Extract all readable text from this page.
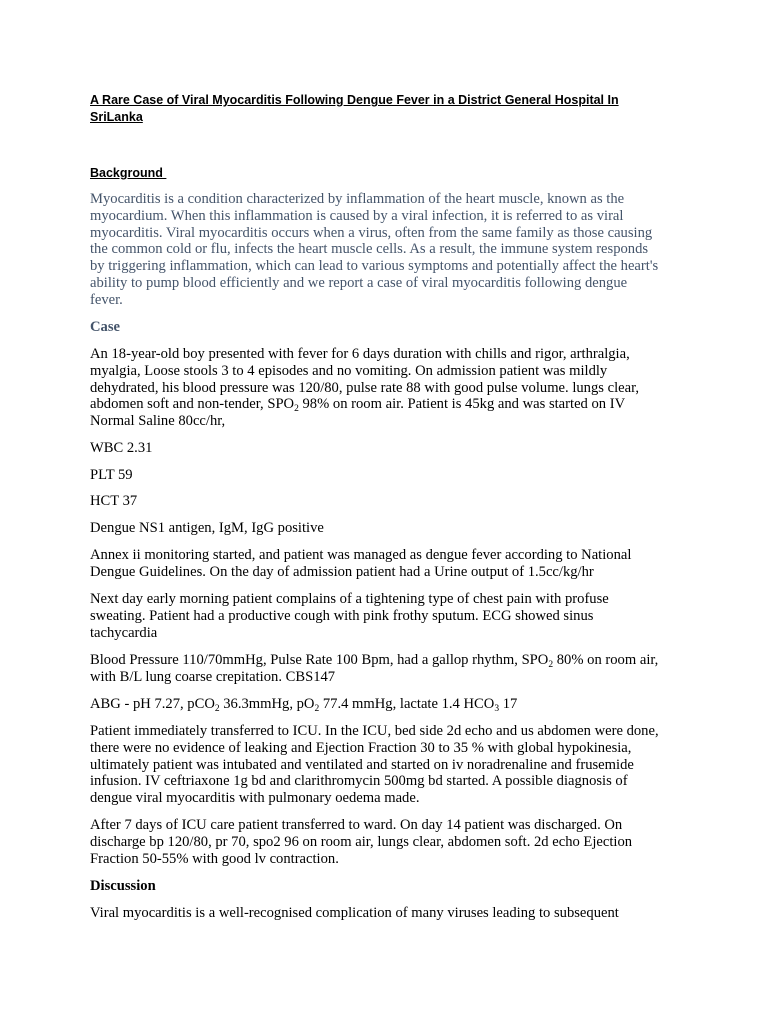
A Rare Case of Viral Myocarditis Following Dengue Fever in a District General Hospital In SriLanka

Background

Myocarditis is a condition characterized by inflammation of the heart muscle, known as the
myocardium. When this inflammation is caused by a viral infection, it is referred to as viral
myocarditis. Viral myocarditis occurs when a virus, often from the same family as those causing
the common cold or flu, infects the heart muscle cells. As a result, the immune system responds
by triggering inflammation, which can lead to various symptoms and potentially affect the heart's
ability to pump blood efficiently and we report a case of viral myocarditis following dengue
fever.

Case

An 18-year-old boy presented with fever for 6 days duration with chills and rigor, arthralgia,
myalgia, Loose stools 3 to 4 episodes and no vomiting. On admission patient was mildly
dehydrated, his blood pressure was 120/80, pulse rate 88 with good pulse volume. lungs clear,
abdomen soft and non-tender, $SPO_2$ 98% on room air. Patient is 45kg and was started on IV
Normal Saline 80cc/hr,

WBC 2.31

PLT 59

HCT 37

Dengue NS1 antigen, IgM, IgG positive

Annex ii monitoring started, and patient was managed as dengue fever according to National
Dengue Guidelines. On the day of admission patient had a Urine output of 1.5cc/kg/hr

Next day early morning patient complains of a tightening type of chest pain with profuse
sweating. Patient had a productive cough with pink frothy sputum. ECG showed sinus
tachycardia

Blood Pressure 110/70mmHg, Pulse Rate 100 Bpm, had a gallop rhythm, $SPO_2$ 80% on room air,
with B/L lung coarse crepitation. CBS147

ABG - pH 7.27, pCO$_2$ 36.3mmHg, $pO_2$ 77.4 mmHg, lactate 1.4 $HCO_3$ 17

Patient immediately transferred to ICU. In the ICU, bed side 2d echo and us abdomen were done,
there were no evidence of leaking and Ejection Fraction 30 to 35 % with global hypokinesia,
ultimately patient was intubated and ventilated and started on iv noradrenaline and frusemide
infusion. IV ceftriaxone 1g bd and clarithromycin 500mg bd started. A possible diagnosis of
dengue viral myocarditis with pulmonary oedema made.

After 7 days of ICU care patient transferred to ward. On day 14 patient was discharged. On
discharge bp 120/80, pr 70, spo2 96 on room air, lungs clear, abdomen soft. 2d echo Ejection
Fraction 50-55% with good lv contraction.

Discussion

Viral myocarditis is a well-recognised complication of many viruses leading to subsequent
